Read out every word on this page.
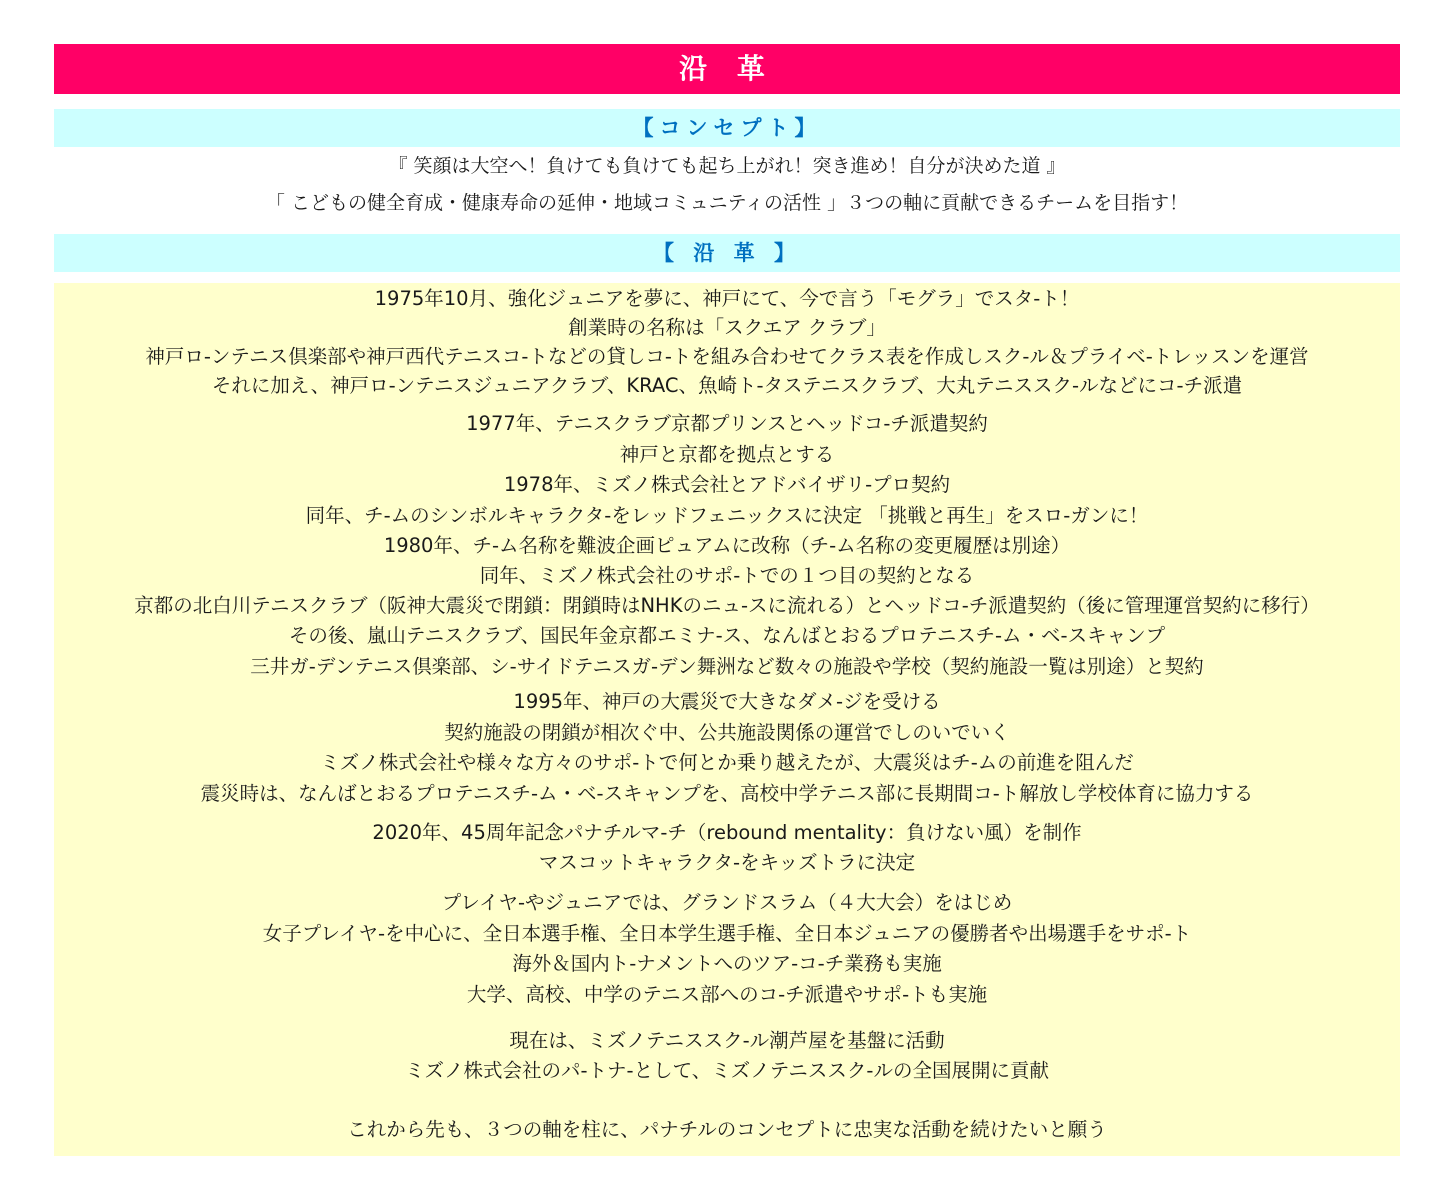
沿 革
【コンセプト】
『 笑顔は大空へ！負けても負けても起ち上がれ！突き進め！自分が決めた道 』
「 こどもの健全育成・健康寿命の延伸・地域コミュニティの活性 」３つの軸に貢献できるチームを目指す！
【 沿 革 】
1975年10月、強化ジュニアを夢に、神戸にて、今で言う「モグラ」でスタ-ト！
創業時の名称は「スクエア クラブ」
神戸ロ-ンテニス倶楽部や神戸西代テニスコ-トなどの貸しコ-トを組み合わせてクラス表を作成しスク-ル＆プライベ-トレッスンを運営
それに加え、神戸ロ-ンテニスジュニアクラブ、KRAC、魚崎ト-タステニスクラブ、大丸テニススク-ルなどにコ-チ派遣
1977年、テニスクラブ京都プリンスとヘッドコ-チ派遣契約
神戸と京都を拠点とする
1978年、ミズノ株式会社とアドバイザリ-プロ契約
同年、チ-ムのシンボルキャラクタ-をレッドフェニックスに決定 「挑戦と再生」をスロ-ガンに！
1980年、チ-ム名称を難波企画ピュアムに改称（チ-ム名称の変更履歴は別途）
同年、ミズノ株式会社のサポ-トでの１つ目の契約となる
京都の北白川テニスクラブ（阪神大震災で閉鎖：閉鎖時はNHKのニュ-スに流れる）とヘッドコ-チ派遣契約（後に管理運営契約に移行）
その後、嵐山テニスクラブ、国民年金京都エミナ-ス、なんばとおるプロテニスチ-ム・ベ-スキャンプ
三井ガ-デンテニス倶楽部、シ-サイドテニスガ-デン舞洲など数々の施設や学校（契約施設一覧は別途）と契約
1995年、神戸の大震災で大きなダメ-ジを受ける
契約施設の閉鎖が相次ぐ中、公共施設関係の運営でしのいでいく
ミズノ株式会社や様々な方々のサポ-トで何とか乗り越えたが、大震災はチ-ムの前進を阻んだ
震災時は、なんばとおるプロテニスチ-ム・ベ-スキャンプを、高校中学テニス部に長期間コ-ト解放し学校体育に協力する
2020年、45周年記念パナチルマ-チ（rebound mentality：負けない風）を制作
マスコットキャラクタ-をキッズトラに決定
プレイヤ-やジュニアでは、グランドスラム（４大大会）をはじめ
女子プレイヤ-を中心に、全日本選手権、全日本学生選手権、全日本ジュニアの優勝者や出場選手をサポ-ト
海外＆国内ト-ナメントへのツア-コ-チ業務も実施
大学、高校、中学のテニス部へのコ-チ派遣やサポ-トも実施
現在は、ミズノテニススク-ル潮芦屋を基盤に活動
ミズノ株式会社のパ-トナ-として、ミズノテニススク-ルの全国展開に貢献
これから先も、３つの軸を柱に、パナチルのコンセプトに忠実な活動を続けたいと願う
